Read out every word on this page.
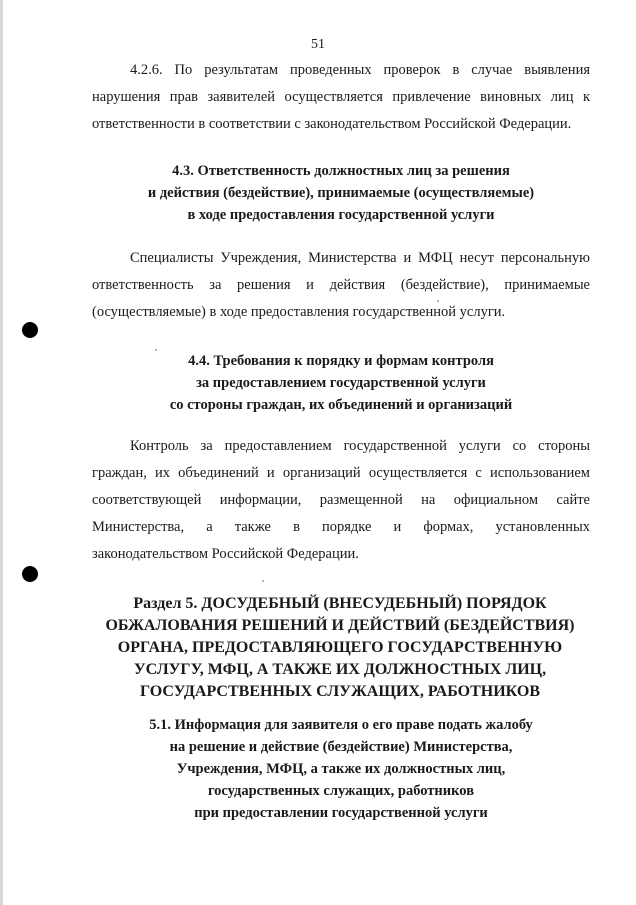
51
4.2.6. По результатам проведенных проверок в случае выявления
нарушения прав заявителей осуществляется привлечение виновных лиц к
ответственности в соответствии с законодательством Российской Федерации.
4.3. Ответственность должностных лиц за решения
и действия (бездействие), принимаемые (осуществляемые)
в ходе предоставления государственной услуги
Специалисты Учреждения, Министерства и МФЦ несут персональную
ответственность за решения и действия (бездействие), принимаемые
(осуществляемые) в ходе предоставления государственной услуги.
4.4. Требования к порядку и формам контроля
за предоставлением государственной услуги
со стороны граждан, их объединений и организаций
Контроль за предоставлением государственной услуги со стороны
граждан, их объединений и организаций осуществляется с использованием
соответствующей информации, размещенной на официальном сайте
Министерства, а также в порядке и формах, установленных
законодательством Российской Федерации.
Раздел 5. ДОСУДЕБНЫЙ (ВНЕСУДЕБНЫЙ) ПОРЯДОК
ОБЖАЛОВАНИЯ РЕШЕНИЙ И ДЕЙСТВИЙ (БЕЗДЕЙСТВИЯ)
ОРГАНА, ПРЕДОСТАВЛЯЮЩЕГО ГОСУДАРСТВЕННУЮ
УСЛУГУ, МФЦ, А ТАКЖЕ ИХ ДОЛЖНОСТНЫХ ЛИЦ,
ГОСУДАРСТВЕННЫХ СЛУЖАЩИХ, РАБОТНИКОВ
5.1. Информация для заявителя о его праве подать жалобу
на решение и действие (бездействие) Министерства,
Учреждения, МФЦ, а также их должностных лиц,
государственных служащих, работников
при предоставлении государственной услуги
